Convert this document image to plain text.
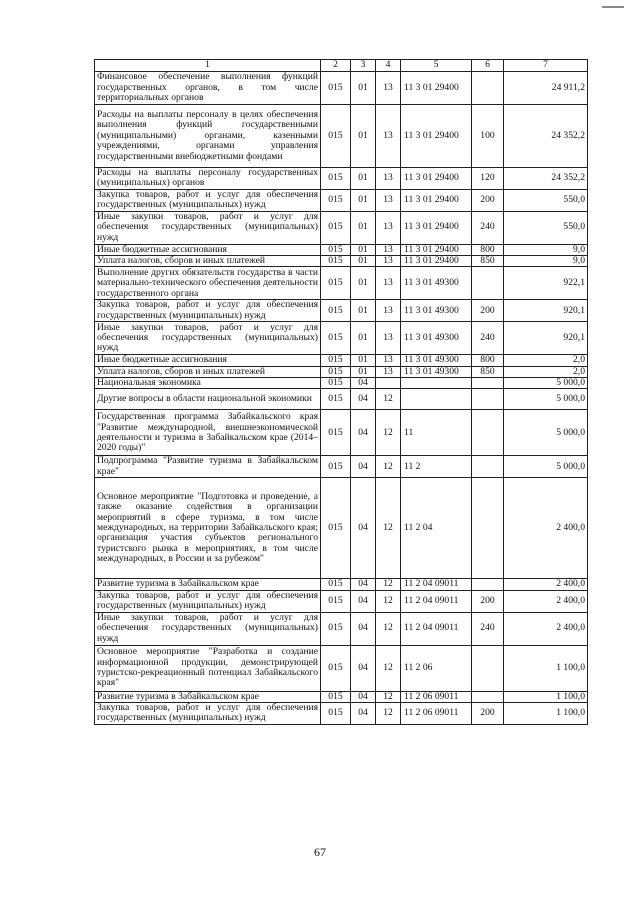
1	2	3	4	5	6	7
Финансовое обеспечение выполнения функций государственных органов, в том числе территориальных органов	015	01	13	11 3 01 29400		24 911,2
Расходы на выплаты персоналу в целях обеспечения выполнения функций государственными (муниципальными) органами, казенными учреждениями, органами управления государственными внебюджетными фондами	015	01	13	11 3 01 29400	100	24 352,2
Расходы на выплаты персоналу государственных (муниципальных) органов	015	01	13	11 3 01 29400	120	24 352,2
Закупка товаров, работ и услуг для обеспечения государственных (муниципальных) нужд	015	01	13	11 3 01 29400	200	550,0
Иные закупки товаров, работ и услуг для обеспечения государственных (муниципальных) нужд	015	01	13	11 3 01 29400	240	550,0
Иные бюджетные ассигнования	015	01	13	11 3 01 29400	800	9,0
Уплата налогов, сборов и иных платежей	015	01	13	11 3 01 29400	850	9,0
Выполнение других обязательств государства в части материально-технического обеспечения деятельности государственного органа	015	01	13	11 3 01 49300		922,1
Закупка товаров, работ и услуг для обеспечения государственных (муниципальных) нужд	015	01	13	11 3 01 49300	200	920,1
Иные закупки товаров, работ и услуг для обеспечения государственных (муниципальных) нужд	015	01	13	11 3 01 49300	240	920,1
Иные бюджетные ассигнования	015	01	13	11 3 01 49300	800	2,0
Уплата налогов, сборов и иных платежей	015	01	13	11 3 01 49300	850	2,0
Национальная экономика	015	04				5 000,0
Другие вопросы в области национальной экономики	015	04	12			5 000,0
Государственная программа Забайкальского края "Развитие международной, внешнеэкономической деятельности и туризма в Забайкальском крае (2014–2020 годы)"	015	04	12	11		5 000,0
Подпрограмма "Развитие туризма в Забайкальском крае"	015	04	12	11 2		5 000,0
Основное мероприятие "Подготовка и проведение, а также оказание содействия в организации мероприятий в сфере туризма, в том числе международных, на территории Забайкальского края; организация участия субъектов регионального туристского рынка в мероприятиях, в том числе международных, в России и за рубежом"	015	04	12	11 2 04		2 400,0
Развитие туризма в Забайкальском крае	015	04	12	11 2 04 09011		2 400,0
Закупка товаров, работ и услуг для обеспечения государственных (муниципальных) нужд	015	04	12	11 2 04 09011	200	2 400,0
Иные закупки товаров, работ и услуг для обеспечения государственных (муниципальных) нужд	015	04	12	11 2 04 09011	240	2 400,0
Основное мероприятие "Разработка и создание информационной продукции, демонстрирующей туристско-рекреационный потенциал Забайкальского края"	015	04	12	11 2 06		1 100,0
Развитие туризма в Забайкальском крае	015	04	12	11 2 06 09011		1 100,0
Закупка товаров, работ и услуг для обеспечения государственных (муниципальных) нужд	015	04	12	11 2 06 09011	200	1 100,0
67
